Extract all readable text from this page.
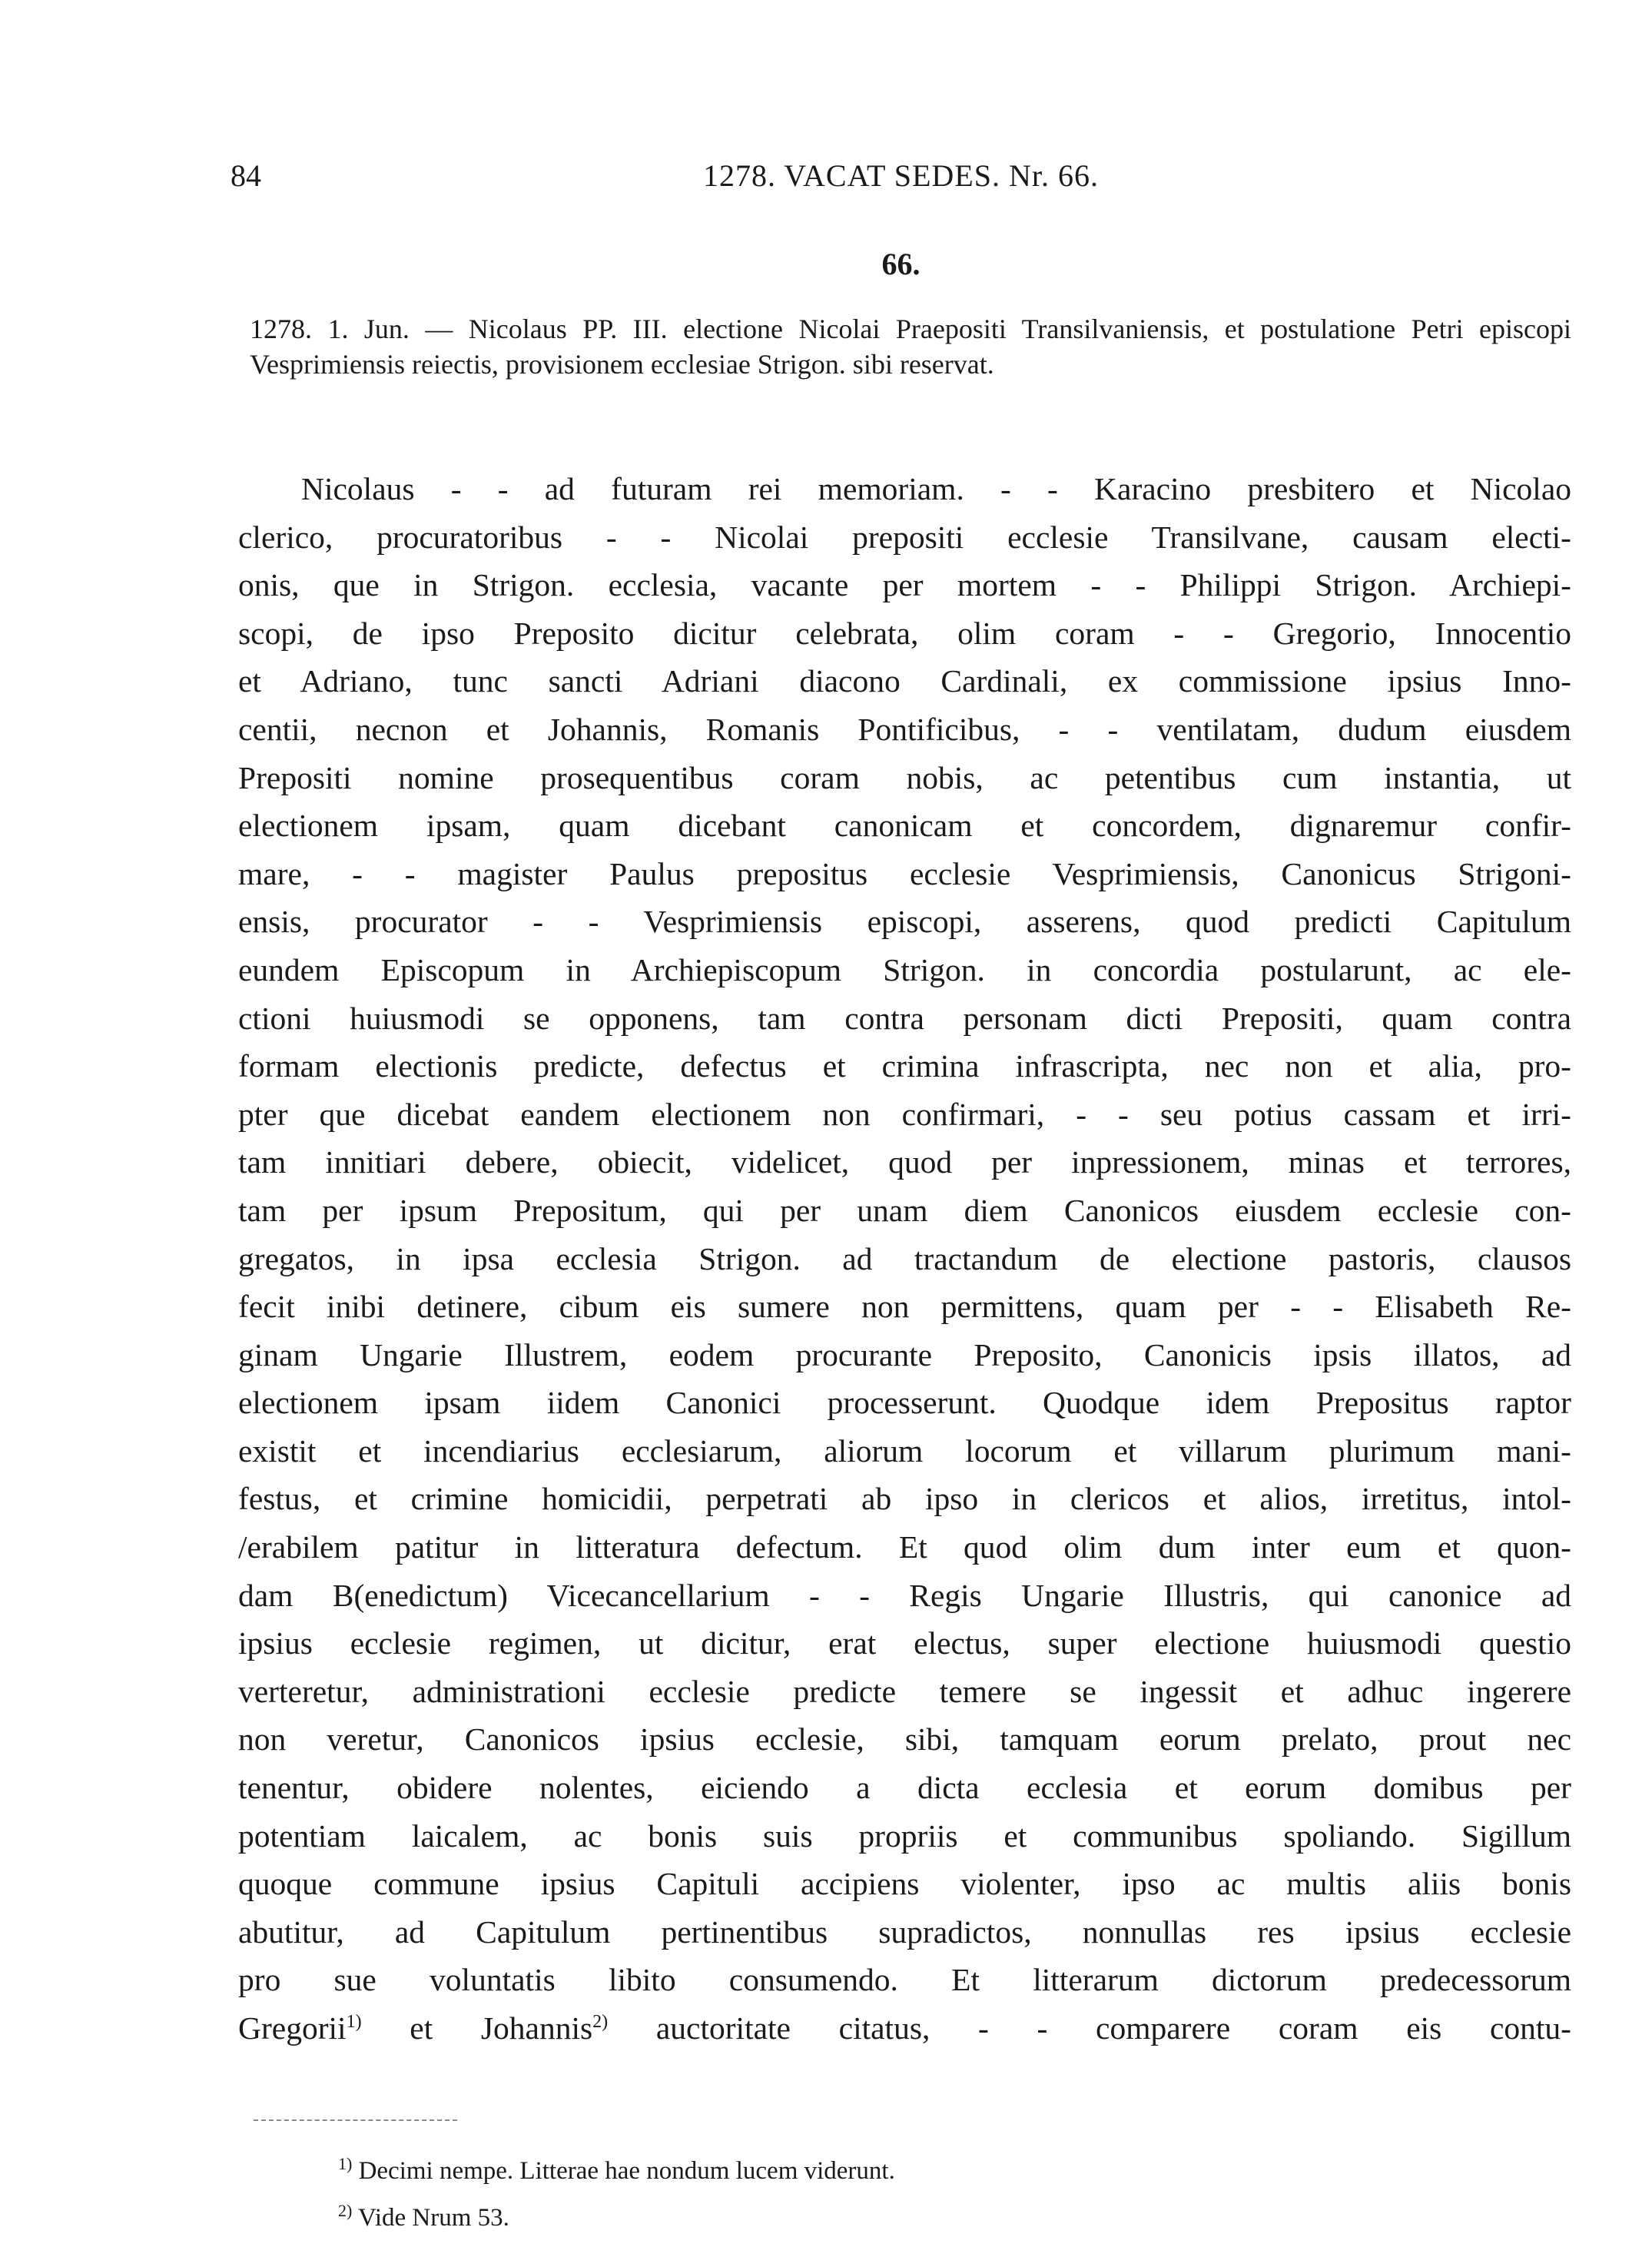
84	1278. VACAT SEDES. Nr. 66.
66.

1278. 1. Jun. — Nicolaus PP. III. electione Nicolai Praepositi Transilvaniensis, et postulatione Petri episcopi Vesprimiensis reiectis, provisionem ecclesiae Strigon. sibi reservat.

Nicolaus - - ad futuram rei memoriam. - - Karacino presbitero et Nicolao
clerico, procuratoribus - - Nicolai prepositi ecclesie Transilvane, causam electi-
onis, que in Strigon. ecclesia, vacante per mortem - - Philippi Strigon. Archiepi-
scopi, de ipso Preposito dicitur celebrata, olim coram - - Gregorio, Innocentio
et Adriano, tunc sancti Adriani diacono Cardinali, ex commissione ipsius Inno-
centii, necnon et Johannis, Romanis Pontificibus, - - ventilatam, dudum eiusdem
Prepositi nomine prosequentibus coram nobis, ac petentibus cum instantia, ut
electionem ipsam, quam dicebant canonicam et concordem, dignaremur confir-
mare, - - magister Paulus prepositus ecclesie Vesprimiensis, Canonicus Strigoni-
ensis, procurator - - Vesprimiensis episcopi, asserens, quod predicti Capitulum
eundem Episcopum in Archiepiscopum Strigon. in concordia postularunt, ac ele-
ctioni huiusmodi se opponens, tam contra personam dicti Prepositi, quam contra
formam electionis predicte, defectus et crimina infrascripta, nec non et alia, pro-
pter que dicebat eandem electionem non confirmari, - - seu potius cassam et irri-
tam innitiari debere, obiecit, videlicet, quod per inpressionem, minas et terrores,
tam per ipsum Prepositum, qui per unam diem Canonicos eiusdem ecclesie con-
gregatos, in ipsa ecclesia Strigon. ad tractandum de electione pastoris, clausos
fecit inibi detinere, cibum eis sumere non permittens, quam per - - Elisabeth Re-
ginam Ungarie Illustrem, eodem procurante Preposito, Canonicis ipsis illatos, ad
electionem ipsam iidem Canonici processerunt. Quodque idem Prepositus raptor
existit et incendiarius ecclesiarum, aliorum locorum et villarum plurimum mani-
festus, et crimine homicidii, perpetrati ab ipso in clericos et alios, irretitus, intol-
/erabilem patitur in litteratura defectum. Et quod olim dum inter eum et quon-
dam B(enedictum) Vicecancellarium - - Regis Ungarie Illustris, qui canonice ad
ipsius ecclesie regimen, ut dicitur, erat electus, super electione huiusmodi questio
verteretur, administrationi ecclesie predicte temere se ingessit et adhuc ingerere
non veretur, Canonicos ipsius ecclesie, sibi, tamquam eorum prelato, prout nec
tenentur, obidere nolentes, eiciendo a dicta ecclesia et eorum domibus per
potentiam laicalem, ac bonis suis propriis et communibus spoliando. Sigillum
quoque commune ipsius Capituli accipiens violenter, ipso ac multis aliis bonis
abutitur, ad Capitulum pertinentibus supradictos, nonnullas res ipsius ecclesie
pro sue voluntatis libito consumendo. Et litterarum dictorum predecessorum
Gregorii$^{1)}$ et Johannis$^{2)}$ auctoritate citatus, - - comparere coram eis contu-
$^{1)}$ Decimi nempe. Litterae hae nondum lucem viderunt.
$^{2)}$ Vide Nrum 53.
